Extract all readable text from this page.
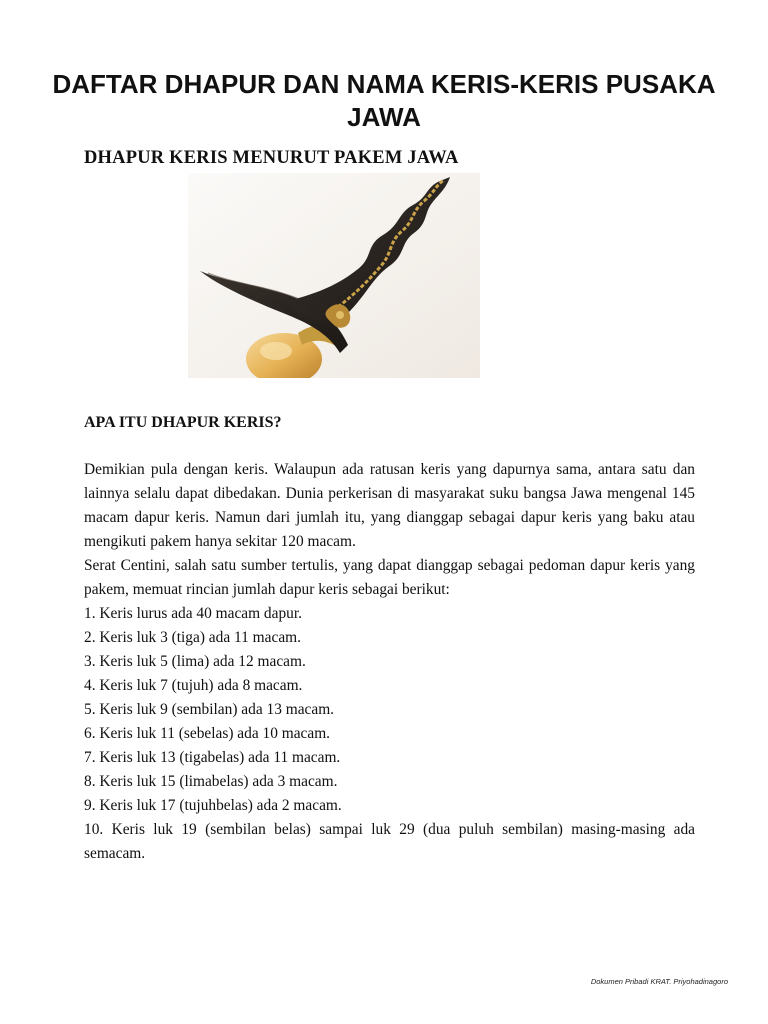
DAFTAR DHAPUR DAN NAMA KERIS-KERIS PUSAKA JAWA
DHAPUR KERIS MENURUT PAKEM JAWA
APA ITU DHAPUR KERIS?

Demikian pula dengan keris. Walaupun ada ratusan keris yang dapurnya sama, antara satu dan lainnya selalu dapat dibedakan. Dunia perkerisan di masyarakat suku bangsa Jawa mengenal 145 macam dapur keris. Namun dari jumlah itu, yang dianggap sebagai dapur keris yang baku atau mengikuti pakem hanya sekitar 120 macam.

Serat Centini, salah satu sumber tertulis, yang dapat dianggap sebagai pedoman dapur keris yang pakem, memuat rincian jumlah dapur keris sebagai berikut:

1. Keris lurus ada 40 macam dapur.
2. Keris luk 3 (tiga) ada 11 macam.
3. Keris luk 5 (lima) ada 12 macam.
4. Keris luk 7 (tujuh) ada 8 macam.
5. Keris luk 9 (sembilan) ada 13 macam.
6. Keris luk 11 (sebelas) ada 10 macam.
7. Keris luk 13 (tigabelas) ada 11 macam.
8. Keris luk 15 (limabelas) ada 3 macam.
9. Keris luk 17 (tujuhbelas) ada 2 macam.
10. Keris luk 19 (sembilan belas) sampai luk 29 (dua puluh sembilan) masing-masing ada semacam.
Dokumen Pribadi KRAT. Priyohadinagoro
